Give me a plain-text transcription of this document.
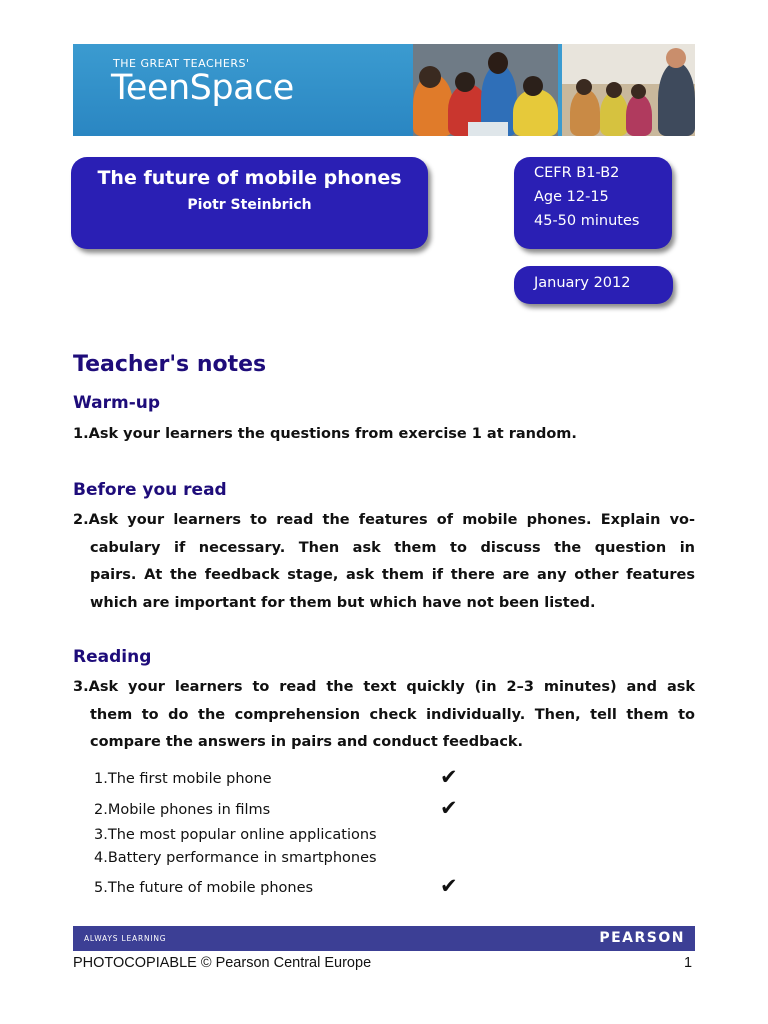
THE GREAT TEACHERS'
TeenSpace
The future of mobile phones
Piotr Steinbrich
CEFR B1-B2
Age 12-15
45-50 minutes
January 2012
Teacher's notes
Warm-up
1.Ask your learners the questions from exercise 1 at random.
Before you read
2.Ask your learners to read the features of mobile phones. Explain vo-
cabulary if necessary. Then ask them to discuss the question in
pairs. At the feedback stage, ask them if there are any other features
which are important for them but which have not been listed.
Reading
3.Ask your learners to read the text quickly (in 2–3 minutes) and ask
them to do the comprehension check individually. Then, tell them to
compare the answers in pairs and conduct feedback.
1.The first mobile phone	✔
2.Mobile phones in films	✔
3.The most popular online applications
4.Battery performance in smartphones
5.The future of mobile phones	✔
ALWAYS LEARNING	PEARSON
PHOTOCOPIABLE © Pearson Central Europe	1
